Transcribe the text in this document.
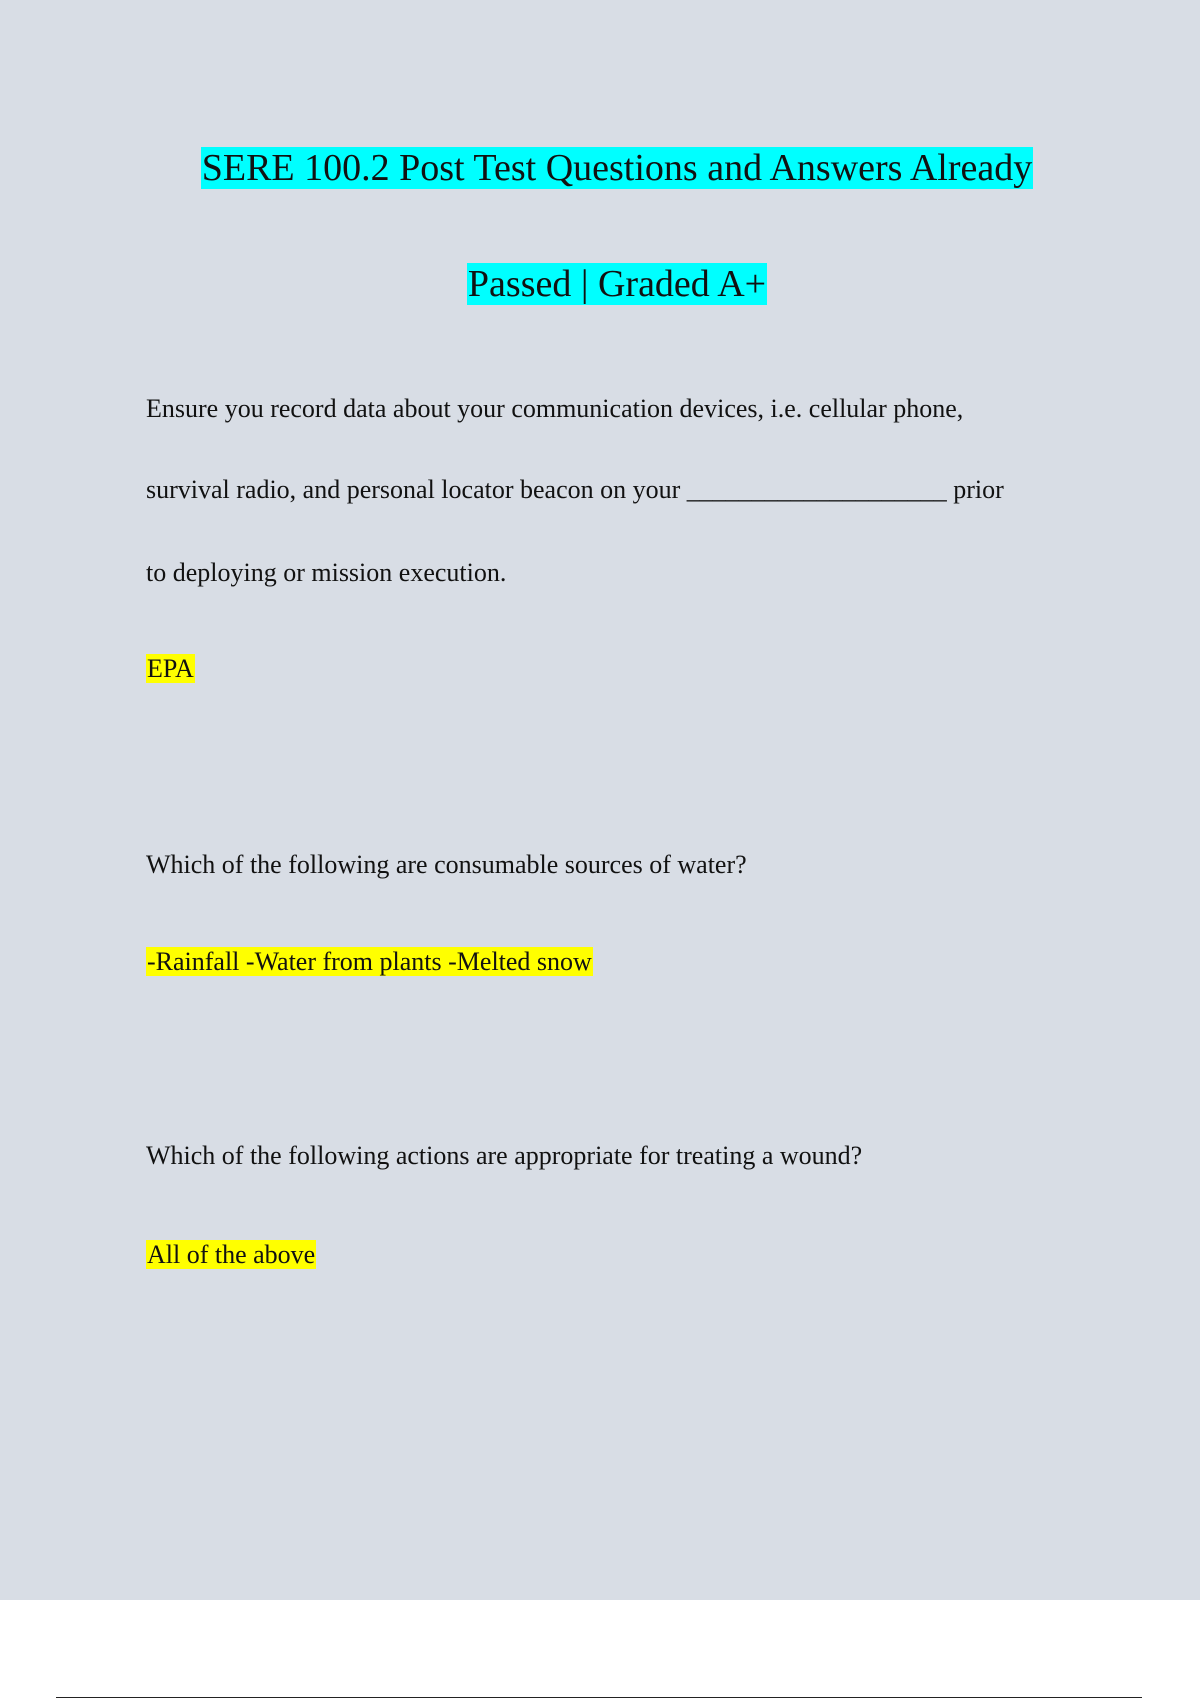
SERE 100.2 Post Test Questions and Answers Already
Passed | Graded A+
Ensure you record data about your communication devices, i.e. cellular phone,
survival radio, and personal locator beacon on your ____________________ prior
to deploying or mission execution.
EPA
Which of the following are consumable sources of water?
-Rainfall -Water from plants -Melted snow
Which of the following actions are appropriate for treating a wound?
All of the above
